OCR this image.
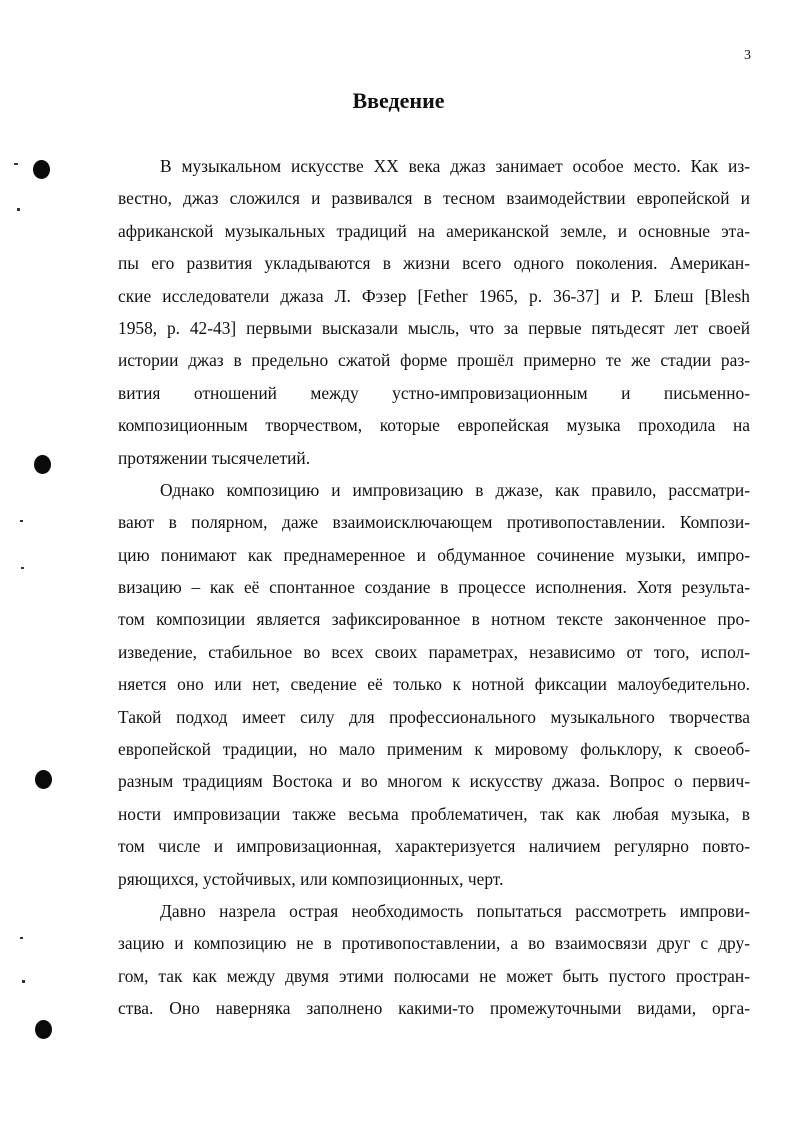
3
Введение
В музыкальном искусстве XX века джаз занимает особое место. Как из-
вестно, джаз сложился и развивался в тесном взаимодействии европейской и
африканской музыкальных традиций на американской земле, и основные эта-
пы его развития укладываются в жизни всего одного поколения. Американ-
ские исследователи джаза Л. Фэзер [Fether 1965, p. 36-37] и Р. Блеш [Blesh
1958, p. 42-43] первыми высказали мысль, что за первые пятьдесят лет своей
истории джаз в предельно сжатой форме прошёл примерно те же стадии раз-
вития отношений между устно-импровизационным и письменно-
композиционным творчеством, которые европейская музыка проходила на
протяжении тысячелетий.
Однако композицию и импровизацию в джазе, как правило, рассматри-
вают в полярном, даже взаимоисключающем противопоставлении. Компози-
цию понимают как преднамеренное и обдуманное сочинение музыки, импро-
визацию – как её спонтанное создание в процессе исполнения. Хотя результа-
том композиции является зафиксированное в нотном тексте законченное про-
изведение, стабильное во всех своих параметрах, независимо от того, испол-
няется оно или нет, сведение её только к нотной фиксации малоубедительно.
Такой подход имеет силу для профессионального музыкального творчества
европейской традиции, но мало применим к мировому фольклору, к своеоб-
разным традициям Востока и во многом к искусству джаза. Вопрос о первич-
ности импровизации также весьма проблематичен, так как любая музыка, в
том числе и импровизационная, характеризуется наличием регулярно повто-
ряющихся, устойчивых, или композиционных, черт.
Давно назрела острая необходимость попытаться рассмотреть импрови-
зацию и композицию не в противопоставлении, а во взаимосвязи друг с дру-
гом, так как между двумя этими полюсами не может быть пустого простран-
ства. Оно наверняка заполнено какими-то промежуточными видами, орга-
